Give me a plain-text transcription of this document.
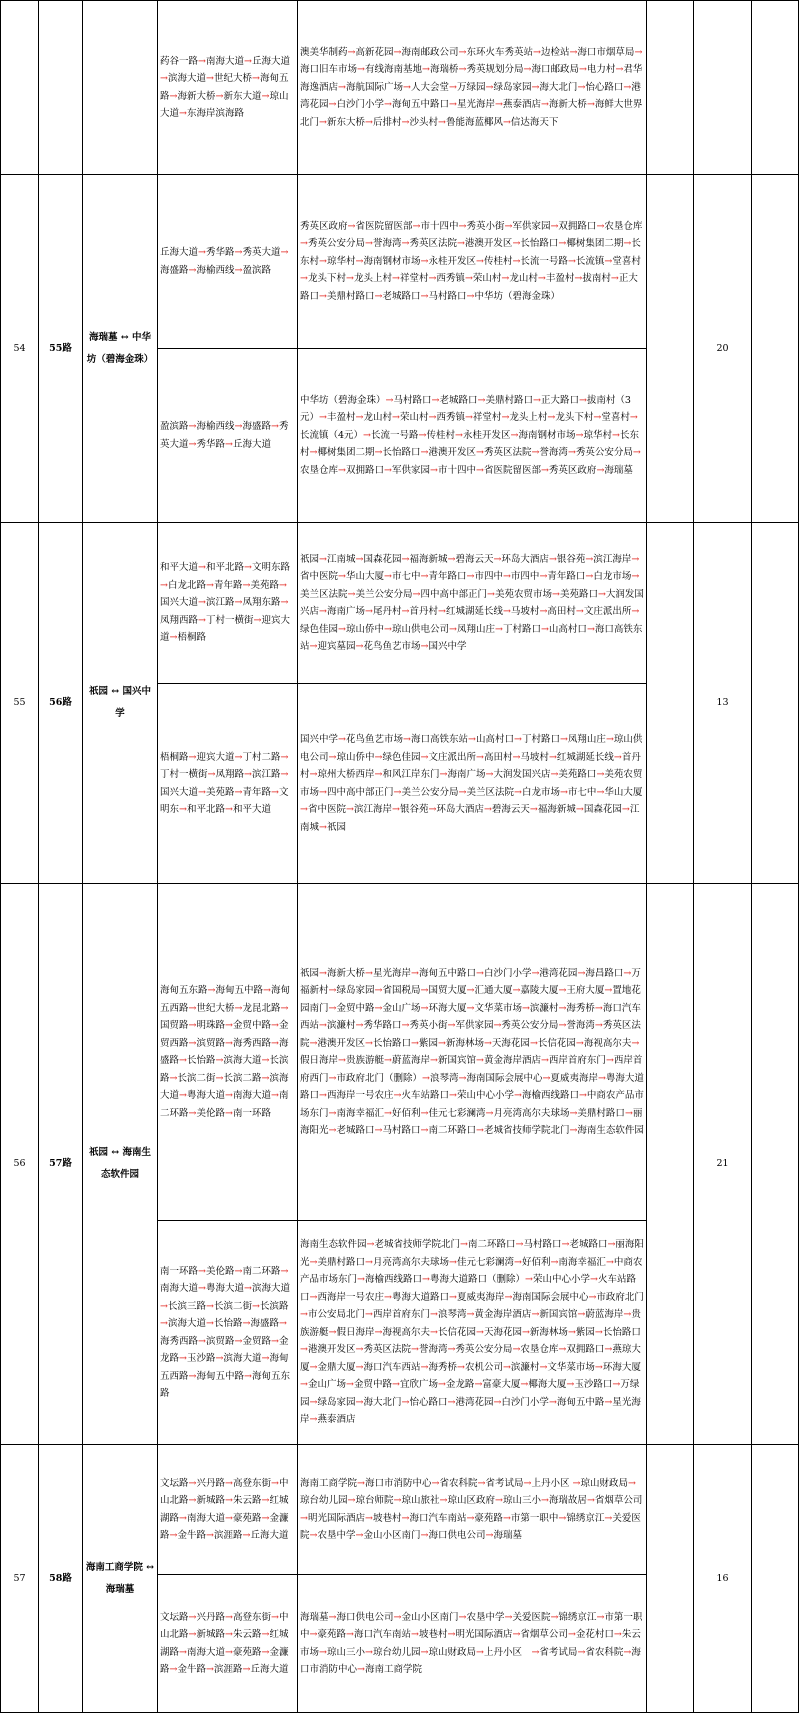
			药谷一路→南海大道→丘海大道→滨海大道→世纪大桥→海甸五路→海新大桥→新东大道→琼山大道→东海岸滨海路	澳美华制药→高新花园→海南邮政公司→东环火车秀英站→边检站→海口市烟草局→海口旧车市场→有线海南基地→海瑞桥→秀英规划分局→海口邮政局→电力村→君华海逸酒店→海航国际广场→人大会堂→万绿园→绿岛家园→海大北门→怡心路口→港湾花园→白沙门小学→海甸五中路口→星光海岸→燕泰酒店→海新大桥→海鲜大世界北门→新东大桥→后排村→沙头村→鲁能海蓝椰风→信达海天下			
54	55路	海瑞墓 ↔ 中华坊（碧海金珠）	丘海大道→秀华路→秀英大道→海盛路→海榆西线→盈滨路	秀英区政府→省医院留医部→市十四中→秀英小街→军供家园→双拥路口→农垦仓库→秀英公安分局→誉海湾→秀英区法院→港澳开发区→长怡路口→椰树集团二期→长东村→琼华村→海南钢材市场→永桂开发区→传桂村→长流一号路→长流镇→堂喜村→龙头下村→龙头上村→祥堂村→西秀镇→荣山村→龙山村→丰盈村→拔南村→正大路口→美鼎村路口→老城路口→马村路口→中华坊（碧海金珠）		20	
			盈滨路→海榆西线→海盛路→秀英大道→秀华路→丘海大道	中华坊（碧海金珠）→马村路口→老城路口→美鼎村路口→正大路口→拔南村（3元）→丰盈村→龙山村→荣山村→西秀镇→祥堂村→龙头上村→龙头下村→堂喜村→长流镇（4元）→长流一号路→传桂村→永桂开发区→海南钢材市场→琼华村→长东村→椰树集团二期→长怡路口→港澳开发区→秀英区法院→誉海湾→秀英公安分局→农垦仓库→双拥路口→军供家园→市十四中→省医院留医部→秀英区政府→海瑞墓			
55	56路	祇园 ↔ 国兴中学	和平大道→和平北路→文明东路→白龙北路→青年路→美苑路→国兴大道→滨江路→凤翔东路→凤翔西路→丁村一横街→迎宾大道→梧桐路	祇园→江南城→国森花园→福海新城→碧海云天→环岛大酒店→银谷苑→滨江海岸→省中医院→华山大厦→市七中→青年路口→市四中→市四中→青年路口→白龙市场→美兰区法院→美兰公安分局→四中高中部正门→美苑农贸市场→美苑路口→大润发国兴店→海南广场→尾丹村→首丹村→红城湖延长线→马坡村→高田村→文庄派出所→绿色佳园→琼山侨中→琼山供电公司→凤翔山庄→丁村路口→山高村口→海口高铁东站→迎宾墓园→花鸟鱼艺市场→国兴中学		13	
			梧桐路→迎宾大道→丁村二路→丁村一横街→凤翔路→滨江路→国兴大道→美苑路→青年路→文明东→和平北路→和平大道	国兴中学→花鸟鱼艺市场→海口高铁东站→山高村口→丁村路口→凤翔山庄→琼山供电公司→琼山侨中→绿色佳园→文庄派出所→高田村→马坡村→红城湖延长线→首丹村→琼州大桥西岸→和风江岸东门→海南广场→大润发国兴店→美苑路口→美苑农贸市场→四中高中部正门→美兰公安分局→美兰区法院→白龙市场→市七中→华山大厦→省中医院→滨江海岸→银谷苑→环岛大酒店→碧海云天→福海新城→国森花园→江南城→祇园			
56	57路	祇园 ↔ 海南生态软件园	海甸五东路→海甸五中路→海甸五西路→世纪大桥→龙昆北路→国贸路→明珠路→金贸中路→金贸西路→滨贸路→海秀西路→海盛路→长怡路→滨海大道→长滨路→长滨二街→长滨二路→滨海大道→粤海大道→南海大道→南二环路→美伦路→南一环路	祇园→海新大桥→星光海岸→海甸五中路口→白沙门小学→港湾花园→海昌路口→万福新村→绿岛家园→省国税局→国贸大厦→汇通大厦→嘉陵大厦→王府大厦→置地花园南门→金贸中路→金山广场→环海大厦→文华菜市场→滨濂村→海秀桥→海口汽车西站→滨濂村→秀华路口→秀英小街→军供家园→秀英公安分局→誉海湾→秀英区法院→港澳开发区→长怡路口→紫园→新海林场→天海花园→长信花园→海视高尔夫→假日海岸→贵族游艇→蔚蓝海岸→新国宾馆→黄金海岸酒店→西岸首府东门→西岸首府西门→市政府北门（删除）→浪琴湾→海南国际会展中心→夏威夷海岸→粤海大道路口→西海岸一号农庄→火车站路口→荣山中心小学→海榆西线路口→中商农产品市场东门→南海幸福汇→好佰利→佳元七彩澜湾→月亮湾高尔夫球场→美鼎村路口→丽海阳光→老城路口→马村路口→南二环路口→老城省技师学院北门→海南生态软件园		21	
			南一环路→美伦路→南二环路→南海大道→粤海大道→滨海大道→长滨三路→长滨二街→长滨路→滨海大道→长怡路→海盛路→海秀西路→滨贸路→金贸路→金龙路→玉沙路→滨海大道→海甸五西路→海甸五中路→海甸五东路	海南生态软件园→老城省技师学院北门→南二环路口→马村路口→老城路口→丽海阳光→美鼎村路口→月亮湾高尔夫球场→佳元七彩澜湾→好佰利→南海幸福汇→中商农产品市场东门→海榆西线路口→粤海大道路口（删除）→荣山中心小学→火车站路口→西海岸一号农庄→粤海大道路口→夏威夷海岸→海南国际会展中心→市政府北门→市公安局北门→西岸首府东门→浪琴湾→黄金海岸酒店→新国宾馆→蔚蓝海岸→贵族游艇→假日海岸→海视高尔夫→长信花园→天海花园→新海林场→紫园→长怡路口→港澳开发区→秀英区法院→誉海湾→秀英公安分局→农垦仓库→双拥路口→燕琼大厦→金鼎大厦→海口汽车西站→海秀桥→农机公司→滨濂村→文华菜市场→环海大厦→金山广场→金贸中路→宜欣广场→金龙路→富豪大厦→椰海大厦→玉沙路口→万绿园→绿岛家园→海大北门→怡心路口→港湾花园→白沙门小学→海甸五中路→星光海岸→燕泰酒店			
57	58路	海南工商学院 ↔ 海瑞墓	文坛路→兴丹路→高登东街→中山北路→新城路→朱云路→红城湖路→南海大道→豪苑路→金濂路→金牛路→滨涯路→丘海大道	海南工商学院→海口市消防中心→省农科院→省考试局→上丹小区 →琼山财政局→琼台幼儿园→琼台师院→琼山旅社→琼山区政府→琼山三小→海瑞故居→省烟草公司→明光国际酒店→坡巷村→海口汽车南站→豪苑路→市第一职中→锦绣京江→关爱医院→农垦中学→金山小区南门→海口供电公司→海瑞墓		16	
			文坛路→兴丹路→高登东街→中山北路→新城路→朱云路→红城湖路→南海大道→豪苑路→金濂路→金牛路→滨涯路→丘海大道	海瑞墓→海口供电公司→金山小区南门→农垦中学→关爱医院→锦绣京江→市第一职中→豪苑路→海口汽车南站→坡巷村→明光国际酒店→省烟草公司→金花村口→朱云市场→琼山三小→琼台幼儿园→琼山财政局→上丹小区　→省考试局→省农科院→海口市消防中心→海南工商学院			
